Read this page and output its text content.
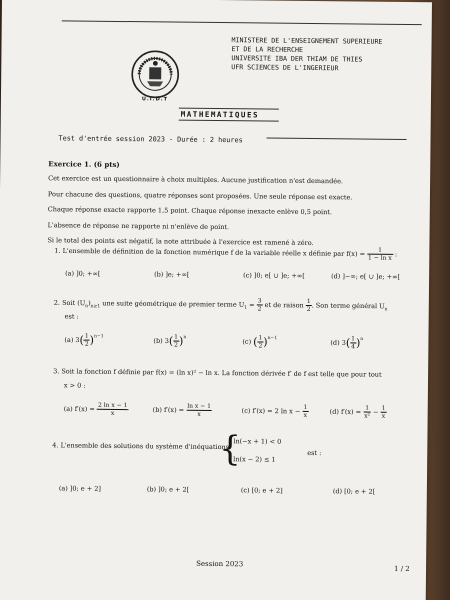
U.I.D.T
MINISTERE DE L'ENSEIGNEMENT SUPERIEURE
ET DE LA RECHERCHE
UNIVERSITE IBA DER THIAM DE THIES
UFR SCIENCES DE L'INGERIEUR
MATHEMATIQUES
Test d'entrée session 2023 - Durée : 2 heures
Exercice 1. (6 pts)
Cet exercice est un questionnaire à choix multiples. Aucune justification n'est demandée.
Pour chacune des questions, quatre réponses sont proposées. Une seule réponse est exacte.
Chaque réponse exacte rapporte 1,5 point. Chaque réponse inexacte enlève 0,5 point.
L'absence de réponse ne rapporte ni n'enlève de point.
Si le total des points est négatif, la note attribuée à l'exercice est ramené à zéro.
1. L'ensemble de définition de la fonction numérique f de la variable réelle x définie par $f(x) = \frac{1}{\text{1 − ln x}}$ :
(a) ]0; +∞[	(b) ]e; +∞[	(c) ]0; e[ ∪ ]e; +∞[	(d) ]−∞; e[ ∪ ]e; +∞[
2. Soit $(U_n)_{n\ge 1}$ une suite géométrique de premier terme $U_1 = \frac{3}{2}$ et de raison $\frac{1}{2}$ . Son terme général $U_n$
est :
(a) $3( \frac{1}{2} )^{n-1}$
(b) $3( \frac{1}{2} )^n$
(c) ( $\frac{1}{2} )^{n-1}$
(d) $3( \frac{1}{4} )^n$
3. Soit la fonction f définie par f(x) = (ln x)² − ln x. La fonction dérivée f′ de f est telle que pour tout
x > 0 :
(a) $f'(x) = \frac{\text{2 ln x − 1}}{x}$	(b) $f'(x) = \frac{\text{ln x − 1}}{x}$	(c) f′(x) = 2 $\ln x - \frac{1}{x}$	(d) $f'(x) = \frac{1}{\text{x²}} - \frac{1}{x}$
4. L'ensemble des solutions du système d'inéquations
{
ln(−x + 1) < 0
ln(x − 2) ≤ 1
est :
(a) ]0; e + 2]	(b) ]0; e + 2[	(c) [0; e + 2]	(d) [0; e + 2[
Session 2023
1 / 2
